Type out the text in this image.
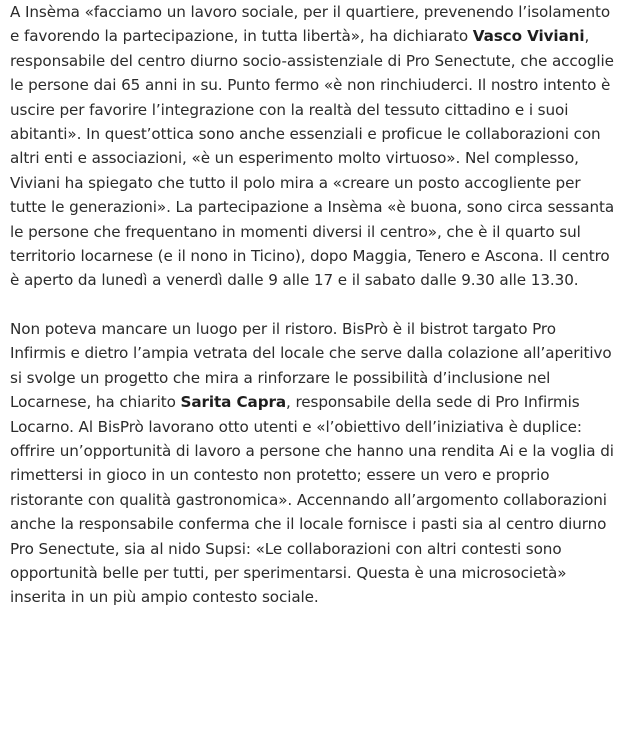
A Insèma «facciamo un lavoro sociale, per il quartiere, prevenendo l’isolamento e favorendo la partecipazione, in tutta libertà», ha dichiarato Vasco Viviani, responsabile del centro diurno socio-assistenziale di Pro Senectute, che accoglie le persone dai 65 anni in su. Punto fermo «è non rinchiuderci. Il nostro intento è uscire per favorire l’integrazione con la realtà del tessuto cittadino e i suoi abitanti». In quest’ottica sono anche essenziali e proficue le collaborazioni con altri enti e associazioni, «è un esperimento molto virtuoso». Nel complesso, Viviani ha spiegato che tutto il polo mira a «creare un posto accogliente per tutte le generazioni». La partecipazione a Insèma «è buona, sono circa sessanta le persone che frequentano in momenti diversi il centro», che è il quarto sul territorio locarnese (e il nono in Ticino), dopo Maggia, Tenero e Ascona. Il centro è aperto da lunedì a venerdì dalle 9 alle 17 e il sabato dalle 9.30 alle 13.30.

Non poteva mancare un luogo per il ristoro. BisPrò è il bistrot targato Pro Infirmis e dietro l’ampia vetrata del locale che serve dalla colazione all’aperitivo si svolge un progetto che mira a rinforzare le possibilità d’inclusione nel Locarnese, ha chiarito Sarita Capra, responsabile della sede di Pro Infirmis Locarno. Al BisPrò lavorano otto utenti e «l’obiettivo dell’iniziativa è duplice: offrire un’opportunità di lavoro a persone che hanno una rendita Ai e la voglia di rimettersi in gioco in un contesto non protetto; essere un vero e proprio ristorante con qualità gastronomica». Accennando all’argomento collaborazioni anche la responsabile conferma che il locale fornisce i pasti sia al centro diurno Pro Senectute, sia al nido Supsi: «Le collaborazioni con altri contesti sono opportunità belle per tutti, per sperimentarsi. Questa è una microsocietà» inserita in un più ampio contesto sociale.
